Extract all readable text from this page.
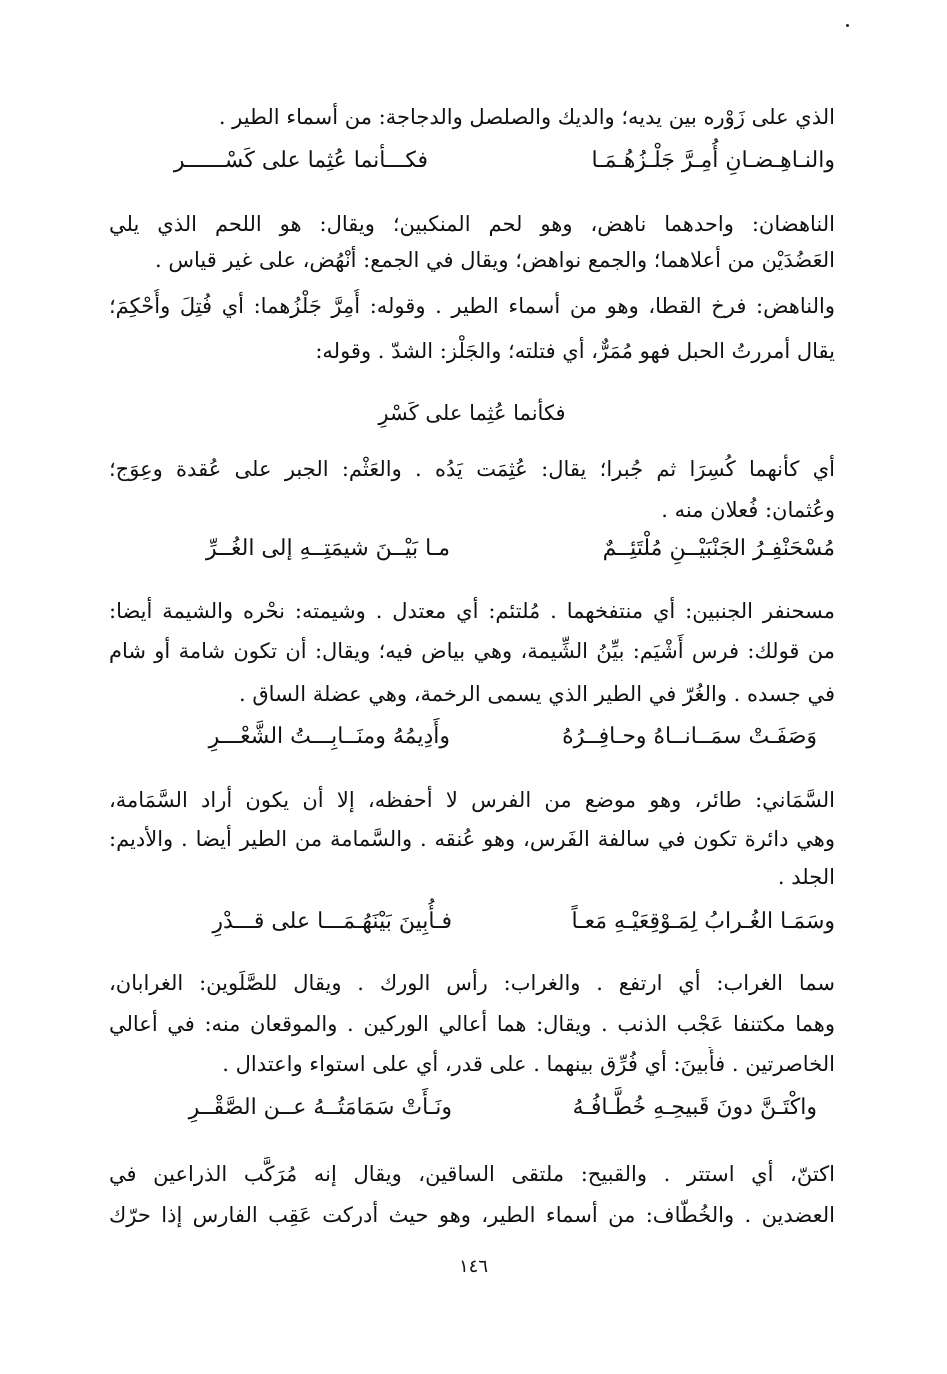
الذي على زَوْره بين يديه؛ والديك والصلصل والدجاجة: من أسماء الطير .
والنـاهِـضـانِ أُمِـرَّ جَلْـزُهُـمَـا
فكـــأنما عُثِما على كَسْــــــر
الناهضان: واحدهما ناهض، وهو لحم المنكبين؛ ويقال: هو اللحم الذي يلي
العَضُدَيْن من أعلاهما؛ والجمع نواهض؛ ويقال في الجمع: أنْهُض، على غير قياس .
والناهض: فرخ القطا، وهو من أسماء الطير . وقوله: أُمِرَّ جَلْزُهما: أي فُتِلَ وأُحْكِمَ؛
يقال أمررتُ الحبل فهو مُمَرٌّ، أي فتلته؛ والجَلْز: الشدّ . وقوله:
فكأنما عُثِما على كَسْرِ
أي كأنهما كُسِرَا ثم جُبرا؛ يقال: عُثِمَت يَدُه . والعَثْم: الجبر على عُقدة وعِوَج؛
وعُثمان: فُعلان منه .
مُسْحَنْفِـرُ الجَنْبَيْــنِ مُلْتَئِــمٌ
مـا بَيْــنَ شيمَتِــهِ إلى الغُــرِّ
مسحنفر الجنبين: أي منتفخهما . مُلتئم: أي معتدل . وشيمته: نحْره والشيمة أيضا:
من قولك: فرس أَشْيَم: بيِّنُ الشِّيمة، وهي بياض فيه؛ ويقال: أن تكون شامة أو شام
في جسده . والغُرّ في الطير الذي يسمى الرخمة، وهي عضلة الساق .
وَصَفَـتْ سمَــانــاهُ وحـافِــرُهُ
وأَدِيمُهُ ومنَــابِـــتُ الشَّعْـــرِ
السَّمَاني: طائر، وهو موضع من الفرس لا أحفظه، إلا أن يكون أراد السَّمَامة،
وهي دائرة تكون في سالفة الفَرس، وهو عُنقه . والسَّمامة من الطير أيضا . والأديم:
الجلد .
وسَمَـا الغُـرابُ لِمَـوْقِعَيْـهِ مَعـاً
فـأُبِينَ بَيْنَهُـمَـــا على قـــدْرِ
سما الغراب: أي ارتفع . والغراب: رأس الورك . ويقال للصَّلَوين: الغرابان،
وهما مكتنفا عَجْب الذنب . ويقال: هما أعالي الوركين . والموقعان منه: في أعالي
الخاصرتين . فأُبينَ: أي فُرِّق بينهما . على قدر، أي على استواء واعتدال .
واكْتَـنَّ دونَ قَبيحِـهِ خُطَّـافُـهُ
ونَـأَتْ سَمَامَتُــهُ عــن الصَّقْــرِ
اكتنّ، أي استتر . والقبيح: ملتقى الساقين، ويقال إنه مُرَكَّب الذراعين في
العضدين . والخُطّاف: من أسماء الطير، وهو حيث أدركت عَقِب الفارس إذا حرّك
١٤٦
